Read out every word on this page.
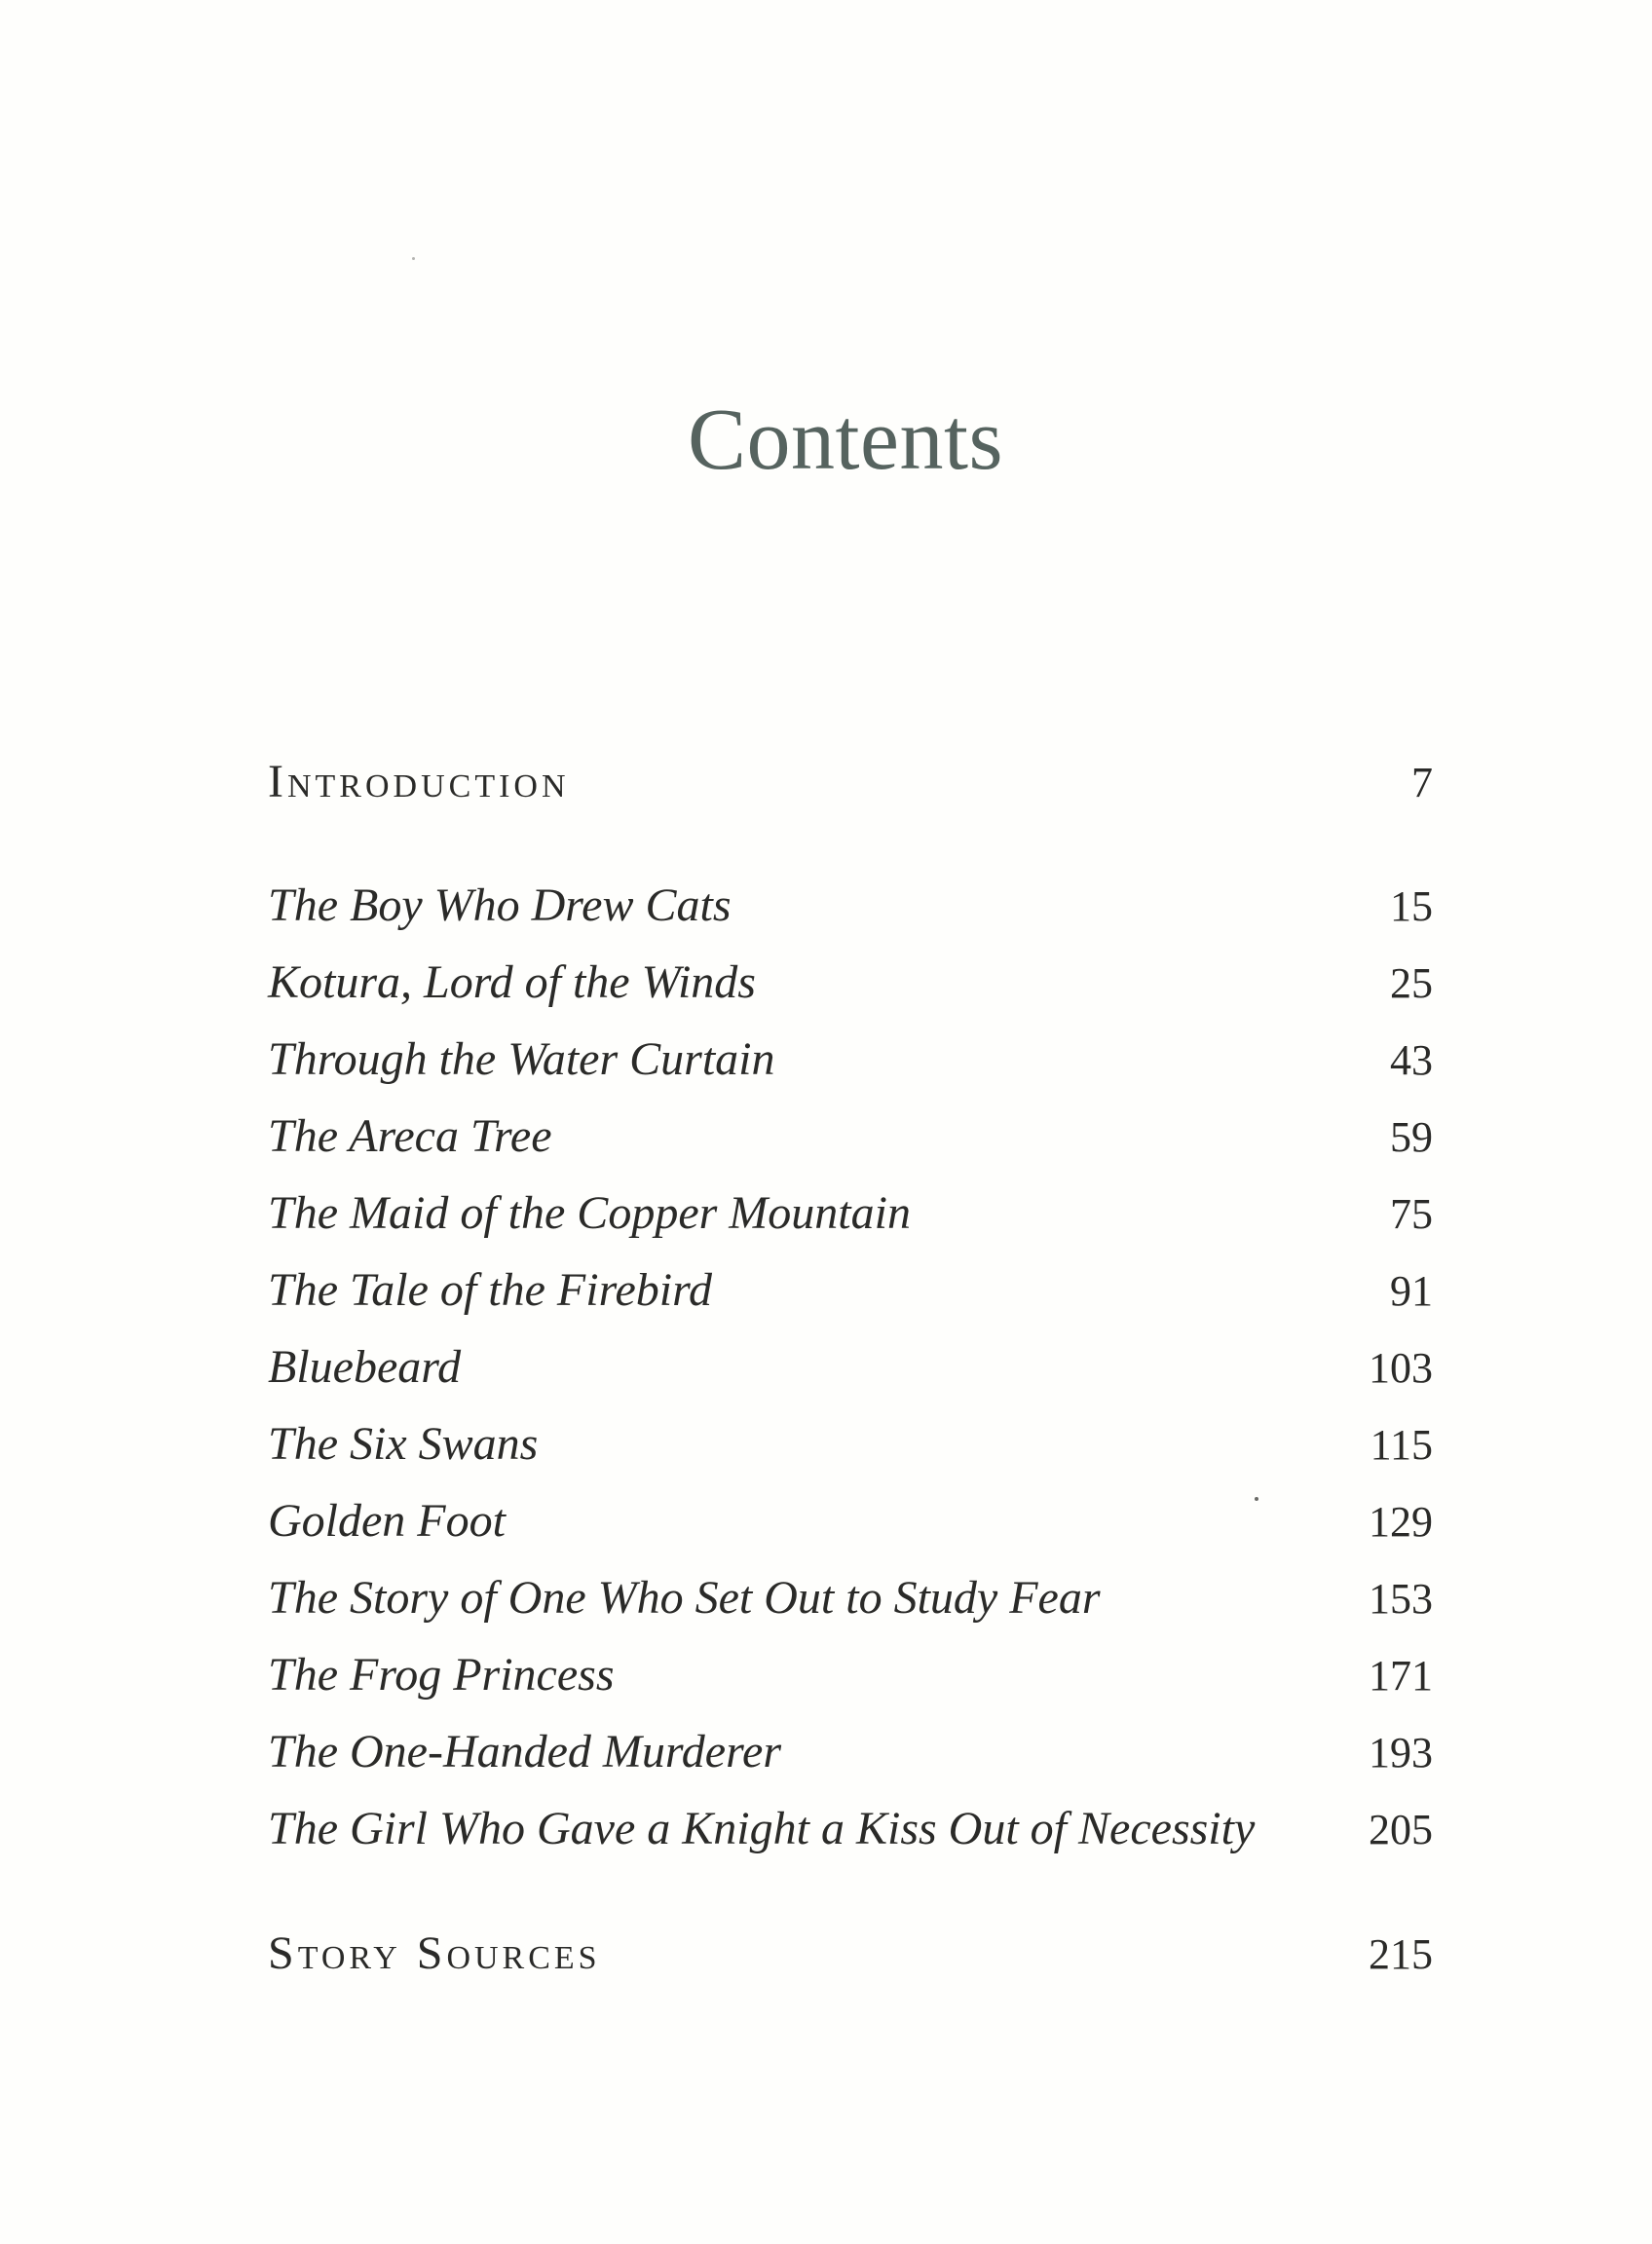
Contents
Introduction	7
The Boy Who Drew Cats	15
Kotura, Lord of the Winds	25
Through the Water Curtain	43
The Areca Tree	59
The Maid of the Copper Mountain	75
The Tale of the Firebird	91
Bluebeard	103
The Six Swans	115
Golden Foot	129
The Story of One Who Set Out to Study Fear	153
The Frog Princess	171
The One-Handed Murderer	193
The Girl Who Gave a Knight a Kiss Out of Necessity	205
Story Sources	215
